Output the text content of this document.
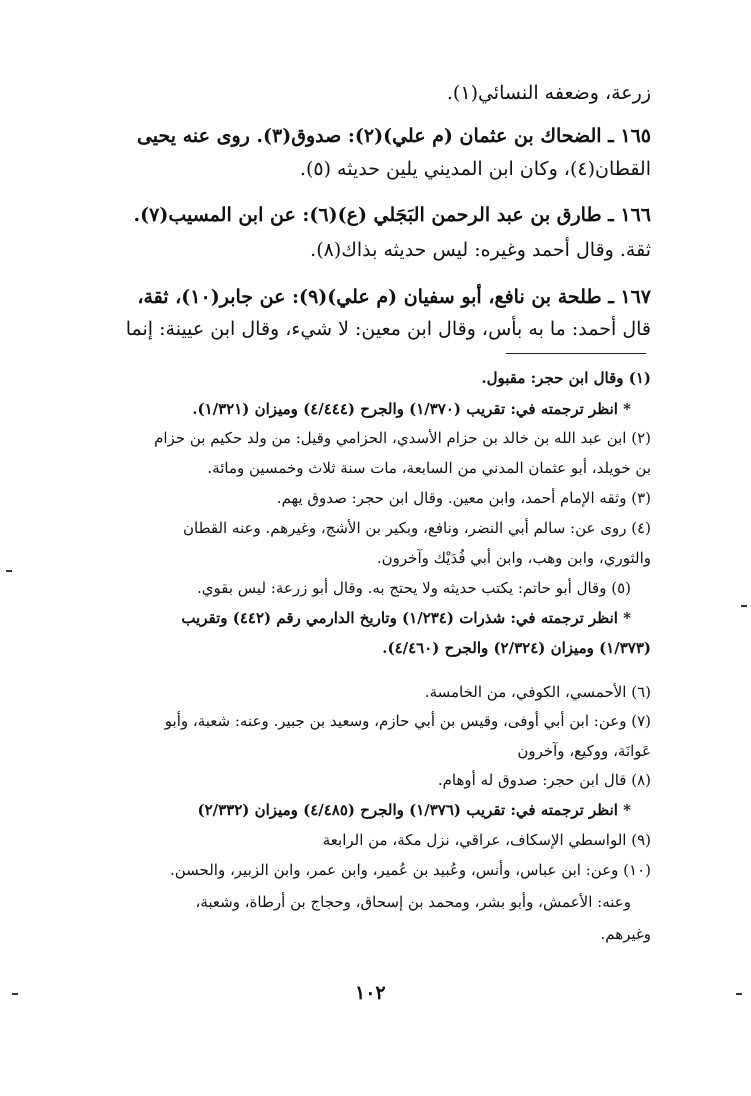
زرعة، وضعفه النسائي(١).
١٦٥ ـ الضحاك بن عثمان (م علي)(٢): صدوق(٣). روى عنه يحيى
القطان(٤)، وكان ابن المديني يلين حديثه (٥).
١٦٦ ـ طارق بن عبد الرحمن البَجَلي (ع)(٦): عن ابن المسيب(٧).
ثقة. وقال أحمد وغيره: ليس حديثه بذاك(٨).
١٦٧ ـ طلحة بن نافع، أبو سفيان (م علي)(٩): عن جابر(١٠)، ثقة،
قال أحمد: ما به بأس، وقال ابن معين: لا شيء، وقال ابن عيينة: إنما
(١) وقال ابن حجر: مقبول.
* انظر ترجمته في: تقريب (١/٣٧٠) والجرح (٤/٤٤٤) وميزان (١/٣٢١).
(٢) ابن عبد الله بن خالد بن حزام الأسدي، الحزامي وقيل: من ولد حكيم بن حزام
بن خويلد، أبو عثمان المدني من السابعة، مات سنة ثلاث وخمسين ومائة.
(٣) وثقه الإمام أحمد، وابن معين. وقال ابن حجر: صدوق يهم.
(٤) روى عن: سالم أبي النضر، ونافع، وبكير بن الأشج، وغيرهم. وعنه القطان
والثوري، وابن وهب، وابن أبي فُدَيْك وآخرون.
(٥) وقال أبو حاتم: يكتب حديثه ولا يحتج به. وقال أبو زرعة: ليس بقوي.
* انظر ترجمته في: شذرات (١/٢٣٤) وتاريخ الدارمي رقم (٤٤٢) وتقريب
(١/٣٧٣) وميزان (٢/٣٢٤) والجرح (٤/٤٦٠).
(٦) الأحمسي، الكوفي، من الخامسة.
(٧) وعن: ابن أبي أوفى، وقيس بن أبي حازم، وسعيد بن جبير. وعنه: شعبة، وأبو
عَوانَة، ووكيع، وآخرون
(٨) قال ابن حجر: صدوق له أوهام.
* انظر ترجمته في: تقريب (١/٣٧٦) والجرح (٤/٤٨٥) وميزان (٢/٣٣٢)
(٩) الواسطي الإسكاف، عراقي، نزل مكة، من الرابعة
(١٠) وعن: ابن عباس، وأنس، وعُبيد بن عُمير، وابن عمر، وابن الزبير، والحسن.
وعنه: الأعمش، وأبو بشر، ومحمد بن إسحاق، وحجاج بن أرطاة، وشعبة،
وغيرهم.
١٠٢
